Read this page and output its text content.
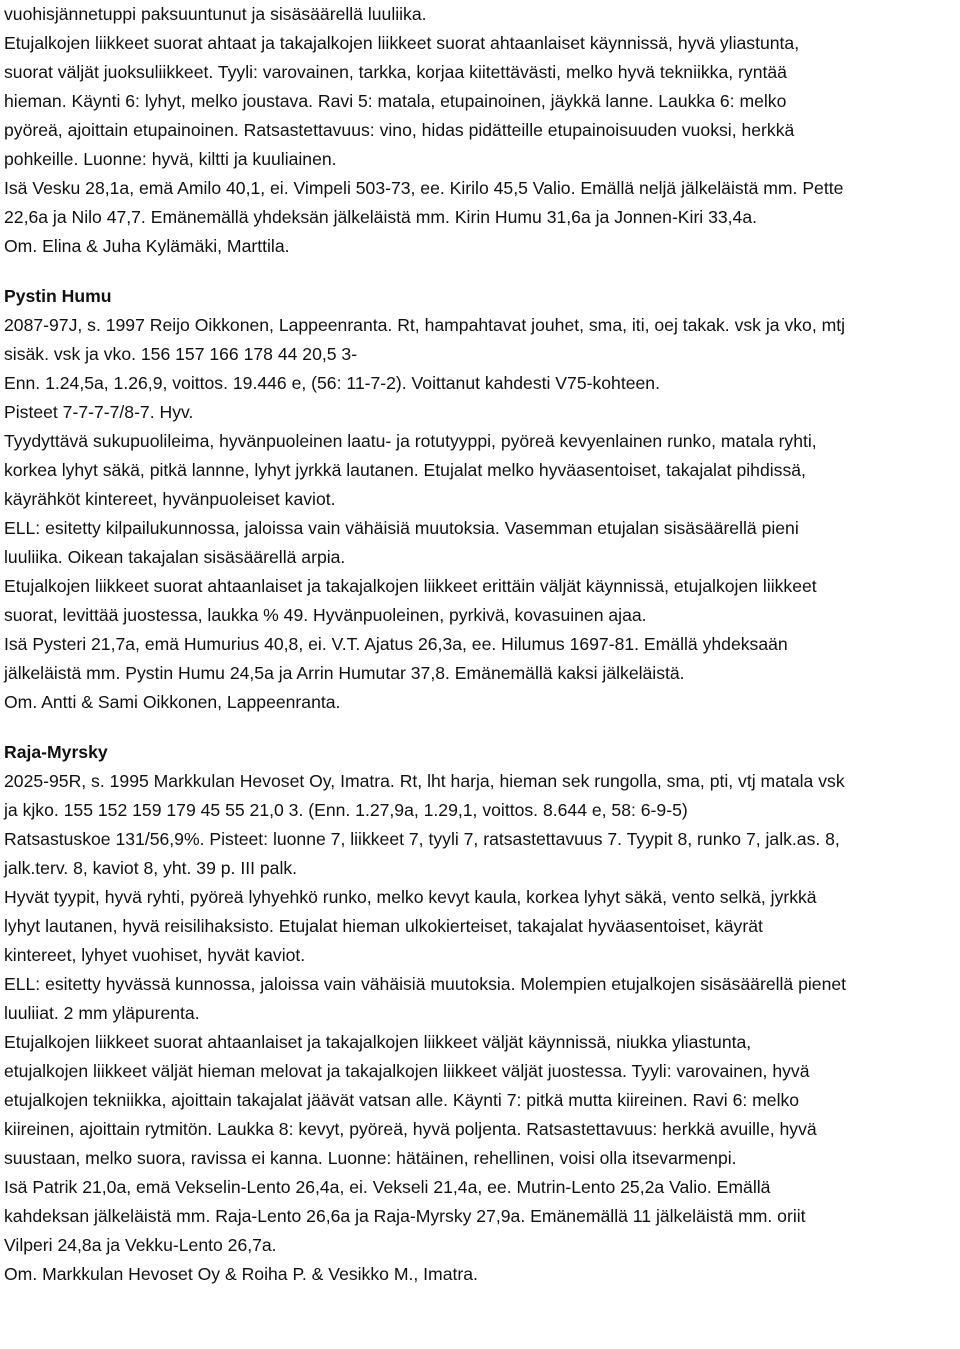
vuohisjännetuppi paksuuntunut ja sisäsäärellä luuliika.

Etujalkojen liikkeet suorat ahtaat ja takajalkojen liikkeet suorat ahtaanlaiset käynnissä, hyvä yliastunta,

suorat väljät juoksuliikkeet. Tyyli: varovainen, tarkka, korjaa kiitettävästi, melko hyvä tekniikka, ryntää

hieman. Käynti 6: lyhyt, melko joustava. Ravi 5: matala, etupainoinen, jäykkä lanne. Laukka 6: melko

pyöreä, ajoittain etupainoinen. Ratsastettavuus: vino, hidas pidätteille etupainoisuuden vuoksi, herkkä

pohkeille. Luonne: hyvä, kiltti ja kuuliainen.

Isä Vesku 28,1a, emä Amilo 40,1, ei. Vimpeli 503-73, ee. Kirilo 45,5 Valio. Emällä neljä jälkeläistä mm. Pette

22,6a ja Nilo 47,7. Emänemällä yhdeksän jälkeläistä mm. Kirin Humu 31,6a ja Jonnen-Kiri 33,4a.

Om. Elina & Juha Kylämäki, Marttila.

Pystin Humu

2087-97J, s. 1997 Reijo Oikkonen, Lappeenranta. Rt, hampahtavat jouhet, sma, iti, oej takak. vsk ja vko, mtj

sisäk. vsk ja vko. 156 157 166 178 44 20,5 3-

Enn. 1.24,5a, 1.26,9, voittos. 19.446 e, (56: 11-7-2). Voittanut kahdesti V75-kohteen.

Pisteet 7-7-7-7/8-7. Hyv.

Tyydyttävä sukupuolileima, hyvänpuoleinen laatu- ja rotutyyppi, pyöreä kevyenlainen runko, matala ryhti,

korkea lyhyt säkä, pitkä lannne, lyhyt jyrkkä lautanen. Etujalat melko hyväasentoiset, takajalat pihdissä,

käyrähköt kintereet, hyvänpuoleiset kaviot.

ELL: esitetty kilpailukunnossa, jaloissa vain vähäisiä muutoksia. Vasemman etujalan sisäsäärellä pieni

luuliika. Oikean takajalan sisäsäärellä arpia.

Etujalkojen liikkeet suorat ahtaanlaiset ja takajalkojen liikkeet erittäin väljät käynnissä, etujalkojen liikkeet

suorat, levittää juostessa, laukka % 49. Hyvänpuoleinen, pyrkivä, kovasuinen ajaa.

Isä Pysteri 21,7a, emä Humurius 40,8, ei. V.T. Ajatus 26,3a, ee. Hilumus 1697-81. Emällä yhdeksaän

jälkeläistä mm. Pystin Humu 24,5a ja Arrin Humutar 37,8. Emänemällä kaksi jälkeläistä.

Om. Antti & Sami Oikkonen, Lappeenranta.

Raja-Myrsky

2025-95R, s. 1995 Markkulan Hevoset Oy, Imatra. Rt, lht harja, hieman sek rungolla, sma, pti, vtj matala vsk

ja kjko. 155 152 159 179 45 55 21,0 3. (Enn. 1.27,9a, 1.29,1, voittos. 8.644 e, 58: 6-9-5)

Ratsastuskoe 131/56,9%. Pisteet: luonne 7, liikkeet 7, tyyli 7, ratsastettavuus 7. Tyypit 8, runko 7, jalk.as. 8,

jalk.terv. 8, kaviot 8, yht. 39 p. III palk.

Hyvät tyypit, hyvä ryhti, pyöreä lyhyehkö runko, melko kevyt kaula, korkea lyhyt säkä, vento selkä, jyrkkä

lyhyt lautanen, hyvä reisilihaksisto. Etujalat hieman ulkokierteiset, takajalat hyväasentoiset, käyrät

kintereet, lyhyet vuohiset, hyvät kaviot.

ELL: esitetty hyvässä kunnossa, jaloissa vain vähäisiä muutoksia. Molempien etujalkojen sisäsäärellä pienet

luuliiat. 2 mm yläpurenta.

Etujalkojen liikkeet suorat ahtaanlaiset ja takajalkojen liikkeet väljät käynnissä, niukka yliastunta,

etujalkojen liikkeet väljät hieman melovat ja takajalkojen liikkeet väljät juostessa. Tyyli: varovainen, hyvä

etujalkojen tekniikka, ajoittain takajalat jäävät vatsan alle. Käynti 7: pitkä mutta kiireinen. Ravi 6: melko

kiireinen, ajoittain rytmitön. Laukka 8: kevyt, pyöreä, hyvä poljenta. Ratsastettavuus: herkkä avuille, hyvä

suustaan, melko suora, ravissa ei kanna. Luonne: hätäinen, rehellinen, voisi olla itsevarmenpi.

Isä Patrik 21,0a, emä Vekselin-Lento 26,4a, ei. Vekseli 21,4a, ee. Mutrin-Lento 25,2a Valio. Emällä

kahdeksan jälkeläistä mm. Raja-Lento 26,6a ja Raja-Myrsky 27,9a. Emänemällä 11 jälkeläistä mm. oriit

Vilperi 24,8a ja Vekku-Lento 26,7a.

Om. Markkulan Hevoset Oy & Roiha P. & Vesikko M., Imatra.
